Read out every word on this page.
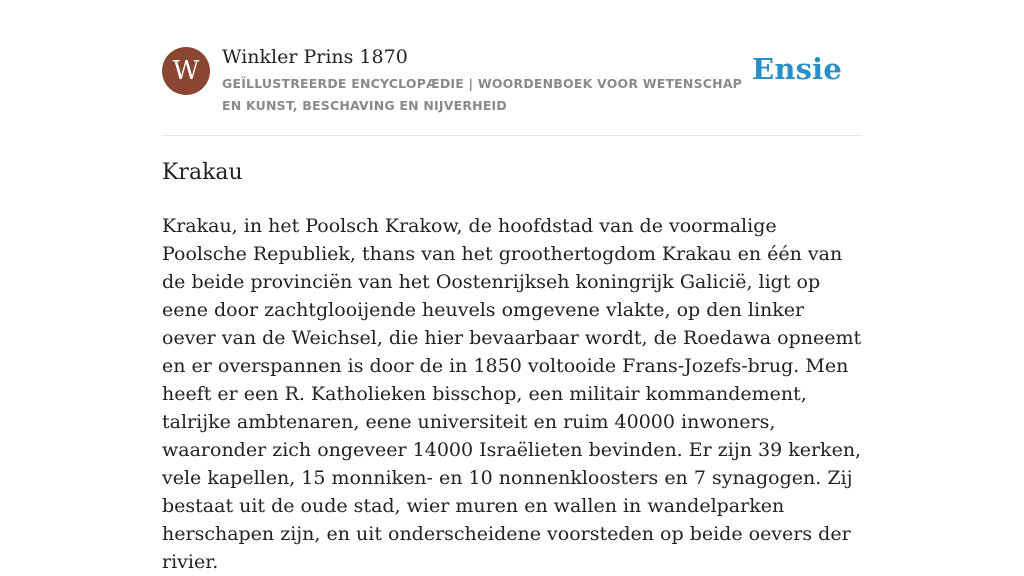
W	Winkler Prins 1870
GEÏLLUSTREERDE ENCYCLOPÆDIE | WOORDENBOEK VOOR WETENSCHAP EN KUNST, BESCHAVING EN NIJVERHEID
Ensie
Krakau

Krakau, in het Poolsch Krakow, de hoofdstad van de voormalige Poolsche Republiek, thans van het groothertogdom Krakau en één van de beide provinciën van het Oostenrijkseh koningrijk Galicië, ligt op eene door zachtglooijende heuvels omgevene vlakte, op den linker oever van de Weichsel, die hier bevaarbaar wordt, de Roedawa opneemt en er overspannen is door de in 1850 voltooide Frans-Jozefs-brug. Men heeft er een R. Katholieken bisschop, een militair kommandement, talrijke ambtenaren, eene universiteit en ruim 40000 inwoners, waaronder zich ongeveer 14000 Israëlieten bevinden. Er zijn 39 kerken, vele kapellen, 15 monniken- en 10 nonnenkloosters en 7 synagogen. Zij bestaat uit de oude stad, wier muren en wallen in wandelparken herschapen zijn, en uit onderscheidene voorsteden op beide oevers der rivier.
